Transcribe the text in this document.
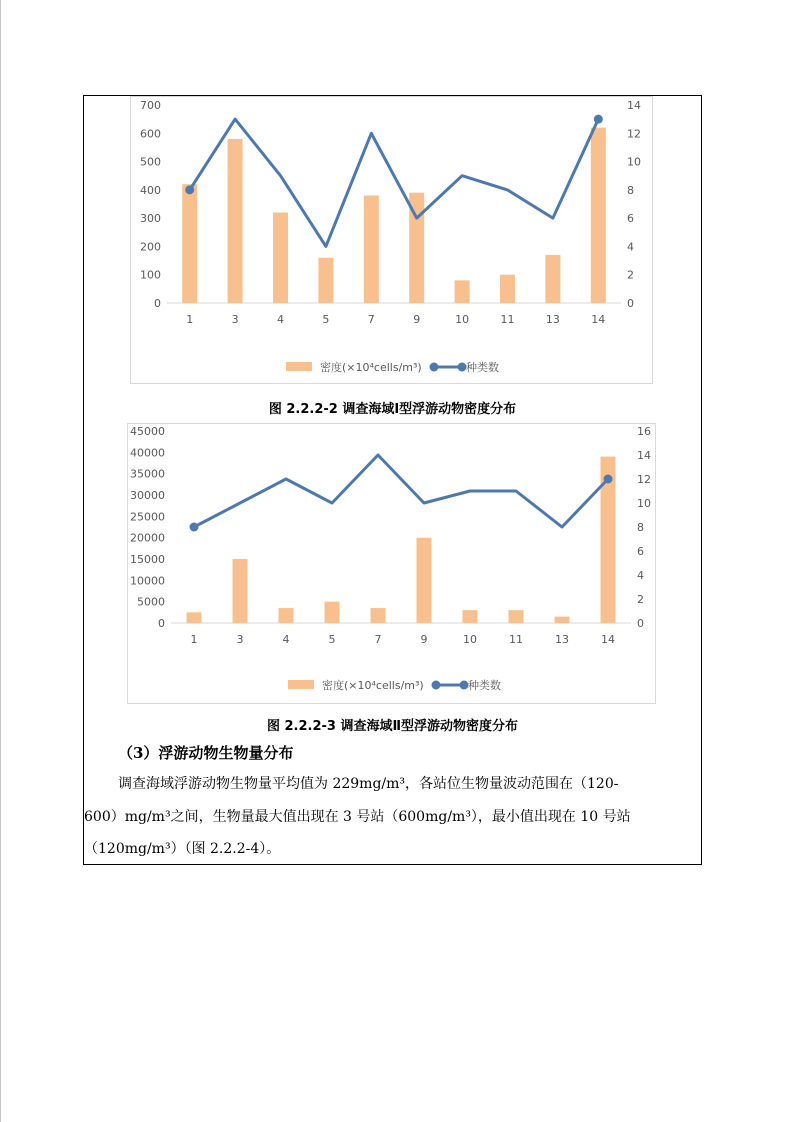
0
100
200
300
400
500
600
700
0
2
4
6
8
10
12
14
1	3	4	5	7	9	10	11	13	14
密度(×10⁴cells/m³)	种类数
图 2.2.2-2 调查海域Ⅰ型浮游动物密度分布
0
5000
10000
15000
20000
25000
30000
35000
40000
45000
0
2
4
6
8
10
12
14
16
1	3	4	5	7	9	10	11	13	14
密度(×10⁴cells/m³)	种类数
图 2.2.2-3 调查海域Ⅱ型浮游动物密度分布
（3）浮游动物生物量分布
调查海域浮游动物生物量平均值为 229mg/m³，各站位生物量波动范围在（120-
600）mg/m³之间，生物量最大值出现在 3 号站（600mg/m³），最小值出现在 10 号站
（120mg/m³）（图 2.2.2-4）。
